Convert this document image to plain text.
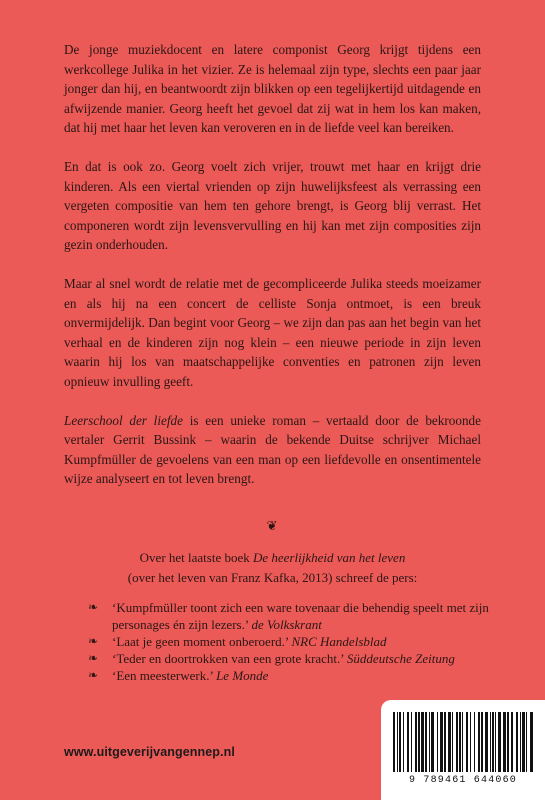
De jonge muziekdocent en latere componist Georg krijgt tijdens een werkcollege Julika in het vizier. Ze is helemaal zijn type, slechts een paar jaar jonger dan hij, en beantwoordt zijn blikken op een tegelijkertijd uitdagende en afwijzende manier. Georg heeft het gevoel dat zij wat in hem los kan maken, dat hij met haar het leven kan veroveren en in de liefde veel kan bereiken.

En dat is ook zo. Georg voelt zich vrijer, trouwt met haar en krijgt drie kinderen. Als een viertal vrienden op zijn huwelijksfeest als verrassing een vergeten compositie van hem ten gehore brengt, is Georg blij verrast. Het componeren wordt zijn levensvervulling en hij kan met zijn composities zijn gezin onderhouden.

Maar al snel wordt de relatie met de gecompliceerde Julika steeds moeizamer en als hij na een concert de celliste Sonja ontmoet, is een breuk onvermijdelijk. Dan begint voor Georg – we zijn dan pas aan het begin van het verhaal en de kinderen zijn nog klein – een nieuwe periode in zijn leven waarin hij los van maatschappelijke conventies en patronen zijn leven opnieuw invulling geeft.

Leerschool der liefde is een unieke roman – vertaald door de bekroonde vertaler Gerrit Bussink – waarin de bekende Duitse schrijver Michael Kumpfmüller de gevoelens van een man op een liefdevolle en onsentimentele wijze analyseert en tot leven brengt.

❦
Over het laatste boek De heerlijkheid van het leven
(over het leven van Franz Kafka, 2013) schreef de pers:
❧ ‘Kumpfmüller toont zich een ware tovenaar die behendig speelt met zijn personages én zijn lezers.’ de Volkskrant
❧ ‘Laat je geen moment onberoerd.’ NRC Handelsblad
❧ ‘Teder en doortrokken van een grote kracht.’ Süddeutsche Zeitung
❧ ‘Een meesterwerk.’ Le Monde
www.uitgeverijvangennep.nl
9 789461 644060
